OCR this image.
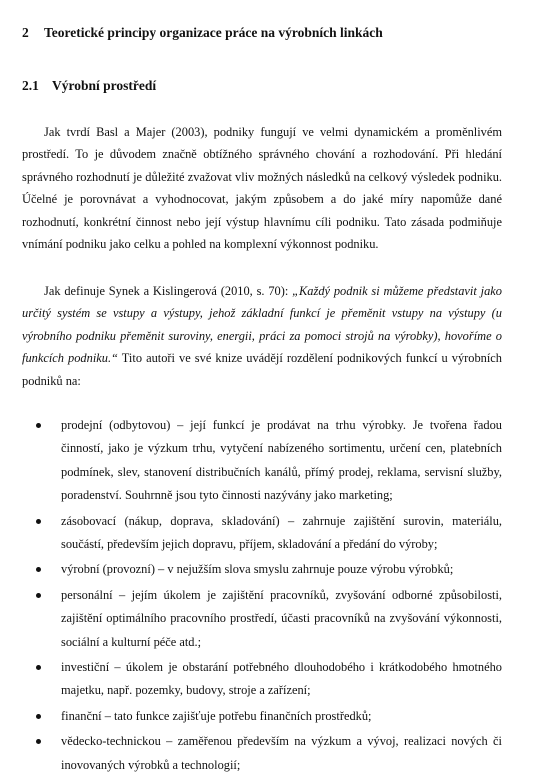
2 Teoretické principy organizace práce na výrobních linkách
2.1 Výrobní prostředí

Jak tvrdí Basl a Majer (2003), podniky fungují ve velmi dynamickém a proměnlivém prostředí. To je důvodem značně obtížného správného chování a rozhodování. Při hledání správného rozhodnutí je důležité zvažovat vliv možných následků na celkový výsledek podniku. Účelné je porovnávat a vyhodnocovat, jakým způsobem a do jaké míry napomůže dané rozhodnutí, konkrétní činnost nebo její výstup hlavnímu cíli podniku. Tato zásada podmiňuje vnímání podniku jako celku a pohled na komplexní výkonnost podniku.

Jak definuje Synek a Kislingerová (2010, s. 70): „Každý podnik si můžeme představit jako určitý systém se vstupy a výstupy, jehož základní funkcí je přeměnit vstupy na výstupy (u výrobního podniku přeměnit suroviny, energii, práci za pomoci strojů na výrobky), hovoříme o funkcích podniku.“ Tito autoři ve své knize uvádějí rozdělení podnikových funkcí u výrobních podniků na:

prodejní (odbytovou) – její funkcí je prodávat na trhu výrobky. Je tvořena řadou činností, jako je výzkum trhu, vytyčení nabízeného sortimentu, určení cen, platebních podmínek, slev, stanovení distribučních kanálů, přímý prodej, reklama, servisní služby, poradenství. Souhrnně jsou tyto činnosti nazývány jako marketing;
zásobovací (nákup, doprava, skladování) – zahrnuje zajištění surovin, materiálu, součástí, především jejich dopravu, příjem, skladování a předání do výroby;
výrobní (provozní) – v nejužším slova smyslu zahrnuje pouze výrobu výrobků;
personální – jejím úkolem je zajištění pracovníků, zvyšování odborné způsobilosti, zajištění optimálního pracovního prostředí, účasti pracovníků na zvyšování výkonnosti, sociální a kulturní péče atd.;
investiční – úkolem je obstarání potřebného dlouhodobého i krátkodobého hmotného majetku, např. pozemky, budovy, stroje a zařízení;
finanční – tato funkce zajišťuje potřebu finančních prostředků;
vědecko-technickou – zaměřenou především na výzkum a vývoj, realizaci nových či inovovaných výrobků a technologií;
